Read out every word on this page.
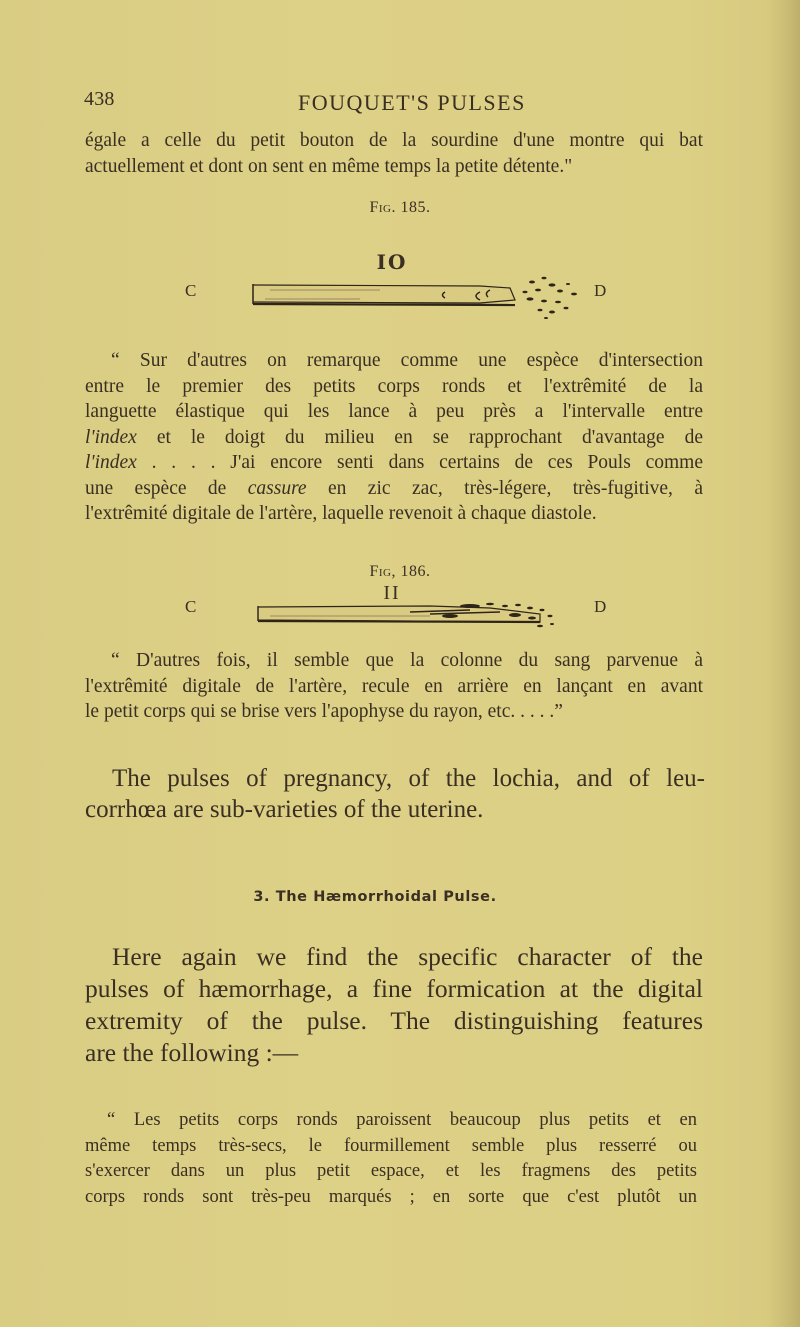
438	FOUQUET'S PULSES
égale a celle du petit bouton de la sourdine d'une montre qui bat
actuellement et dont on sent en même temps la petite détente."
Fig. 185.
IO
C	D
“ Sur d'autres on remarque comme une espèce d'intersection
entre le premier des petits corps ronds et l'extrêmité de la
languette élastique qui les lance à peu près a l'intervalle entre
l'index et le doigt du milieu en se rapprochant d'avantage de
l'index . . . . J'ai encore senti dans certains de ces Pouls comme
une espèce de cassure en zic zac, très-légere, très-fugitive, à
l'extrêmité digitale de l'artère, laquelle revenoit à chaque diastole.
Fig, 186.
II
C	D
“ D'autres fois, il semble que la colonne du sang parvenue à
l'extrêmité digitale de l'artère, recule en arrière en lançant en avant
le petit corps qui se brise vers l'apophyse du rayon, etc. . . . .”
The pulses of pregnancy, of the lochia, and of leu-
corrhœa are sub-varieties of the uterine.
3. The Hæmorrhoidal Pulse.
Here again we find the specific character of the
pulses of hæmorrhage, a fine formication at the digital
extremity of the pulse. The distinguishing features
are the following :—
“ Les petits corps ronds paroissent beaucoup plus petits et en
même temps très-secs, le fourmillement semble plus resserré ou
s'exercer dans un plus petit espace, et les fragmens des petits
corps ronds sont très-peu marqués ; en sorte que c'est plutôt un
